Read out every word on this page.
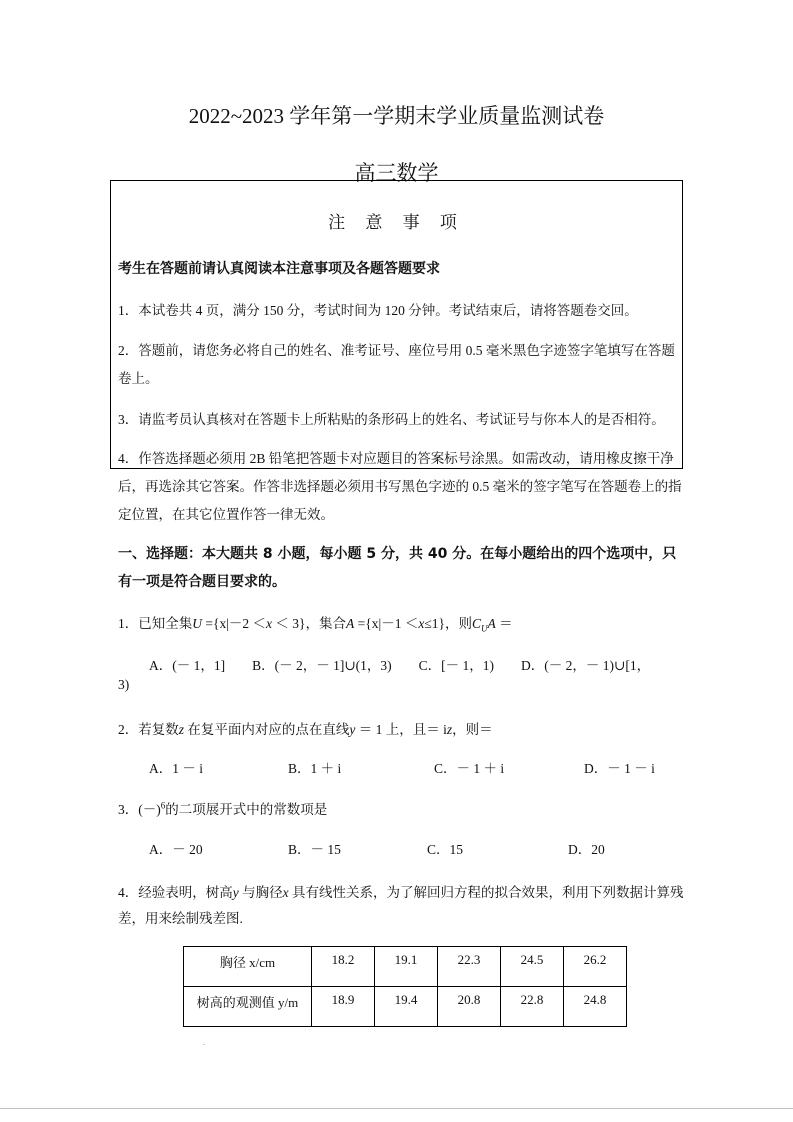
2022~2023 学年第一学期末学业质量监测试卷
高三数学
注 意 事 项
考生在答题前请认真阅读本注意事项及各题答题要求
1．本试卷共 4 页，满分 150 分，考试时间为 120 分钟。考试结束后，请将答题卷交回。
2．答题前，请您务必将自己的姓名、准考证号、座位号用 0.5 毫米黑色字迹签字笔填写在答题卷上。
3．请监考员认真核对在答题卡上所粘贴的条形码上的姓名、考试证号与你本人的是否相符。
4．作答选择题必须用 2B 铅笔把答题卡对应题目的答案标号涂黑。如需改动，请用橡皮擦干净后，再选涂其它答案。作答非选择题必须用书写黑色字迹的 0.5 毫米的签字笔写在答题卷上的指定位置，在其它位置作答一律无效。
一、选择题：本大题共 8 小题，每小题 5 分，共 40 分。在每小题给出的四个选项中，只有一项是符合题目要求的。
1．已知全集U ={x|－2 ＜x ＜ 3}，集合A ={x|－1 ＜x≤1}，则$C_UA$ ＝
A．(－ 1，1]　　B．(－ 2，－ 1]∪(1，3)　　C．[－ 1，1)　　D．(－ 2，－ 1)∪[1，
3)
2．若复数z 在复平面内对应的点在直线y ＝ 1 上，且＝ iz，则＝
A．1 － i	B．1 ＋ i	C．－ 1 ＋ i	D．－ 1 － i
3．$(-)^6$的二项展开式中的常数项是
A．－ 20	B．－ 15	C．15	D．20
4．经验表明，树高y 与胸径x 具有线性关系，为了解回归方程的拟合效果，利用下列数据计算残差，用来绘制残差图.
胸径 x/cm	18.2	19.1	22.3	24.5	26.2
树高的观测值 y/m	18.9	19.4	20.8	22.8	24.8
